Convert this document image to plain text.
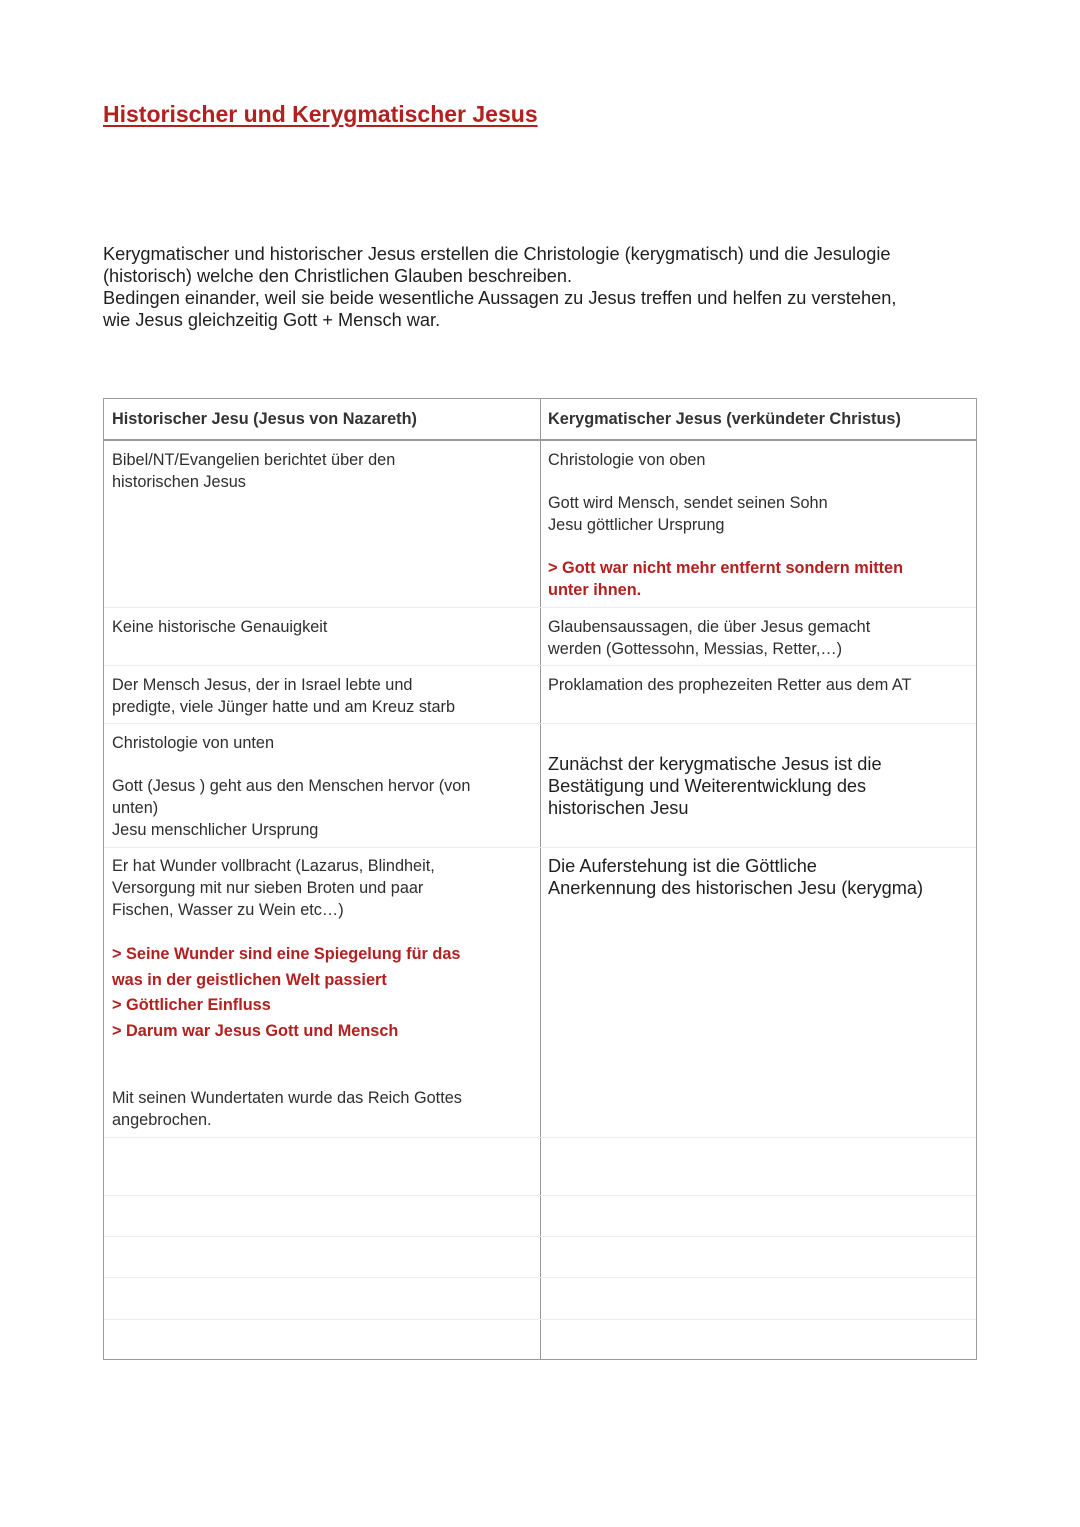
Historischer und Kerygmatischer Jesus

Kerygmatischer und historischer Jesus erstellen die Christologie (kerygmatisch) und die Jesulogie

(historisch) welche den Christlichen Glauben beschreiben.

Bedingen einander, weil sie beide wesentliche Aussagen zu Jesus treffen und helfen zu verstehen,

wie Jesus gleichzeitig Gott + Mensch war.

Historischer Jesu (Jesus von Nazareth)	Kerygmatischer Jesus (verkündeter Christus)

Bibel/NT/Evangelien berichtet über den

historischen Jesus

Christologie von oben

Gott wird Mensch, sendet seinen Sohn

Jesu göttlicher Ursprung

> Gott war nicht mehr entfernt sondern mitten

unter ihnen.

Keine historische Genauigkeit	Glaubensaussagen, die über Jesus gemacht

werden (Gottessohn, Messias, Retter,…)

Der Mensch Jesus, der in Israel lebte und

predigte, viele Jünger hatte und am Kreuz starb

Proklamation des prophezeiten Retter aus dem AT

Christologie von unten

Gott (Jesus ) geht aus den Menschen hervor (von

unten)

Jesu menschlicher Ursprung

Zunächst der kerygmatische Jesus ist die

Bestätigung und Weiterentwicklung des

historischen Jesu

Er hat Wunder vollbracht (Lazarus, Blindheit,

Versorgung mit nur sieben Broten und paar

Fischen, Wasser zu Wein etc…)

> Seine Wunder sind eine Spiegelung für das

was in der geistlichen Welt passiert

> Göttlicher Einfluss

> Darum war Jesus Gott und Mensch

Mit seinen Wundertaten wurde das Reich Gottes

angebrochen.

Die Auferstehung ist die Göttliche

Anerkennung des historischen Jesu (kerygma)
